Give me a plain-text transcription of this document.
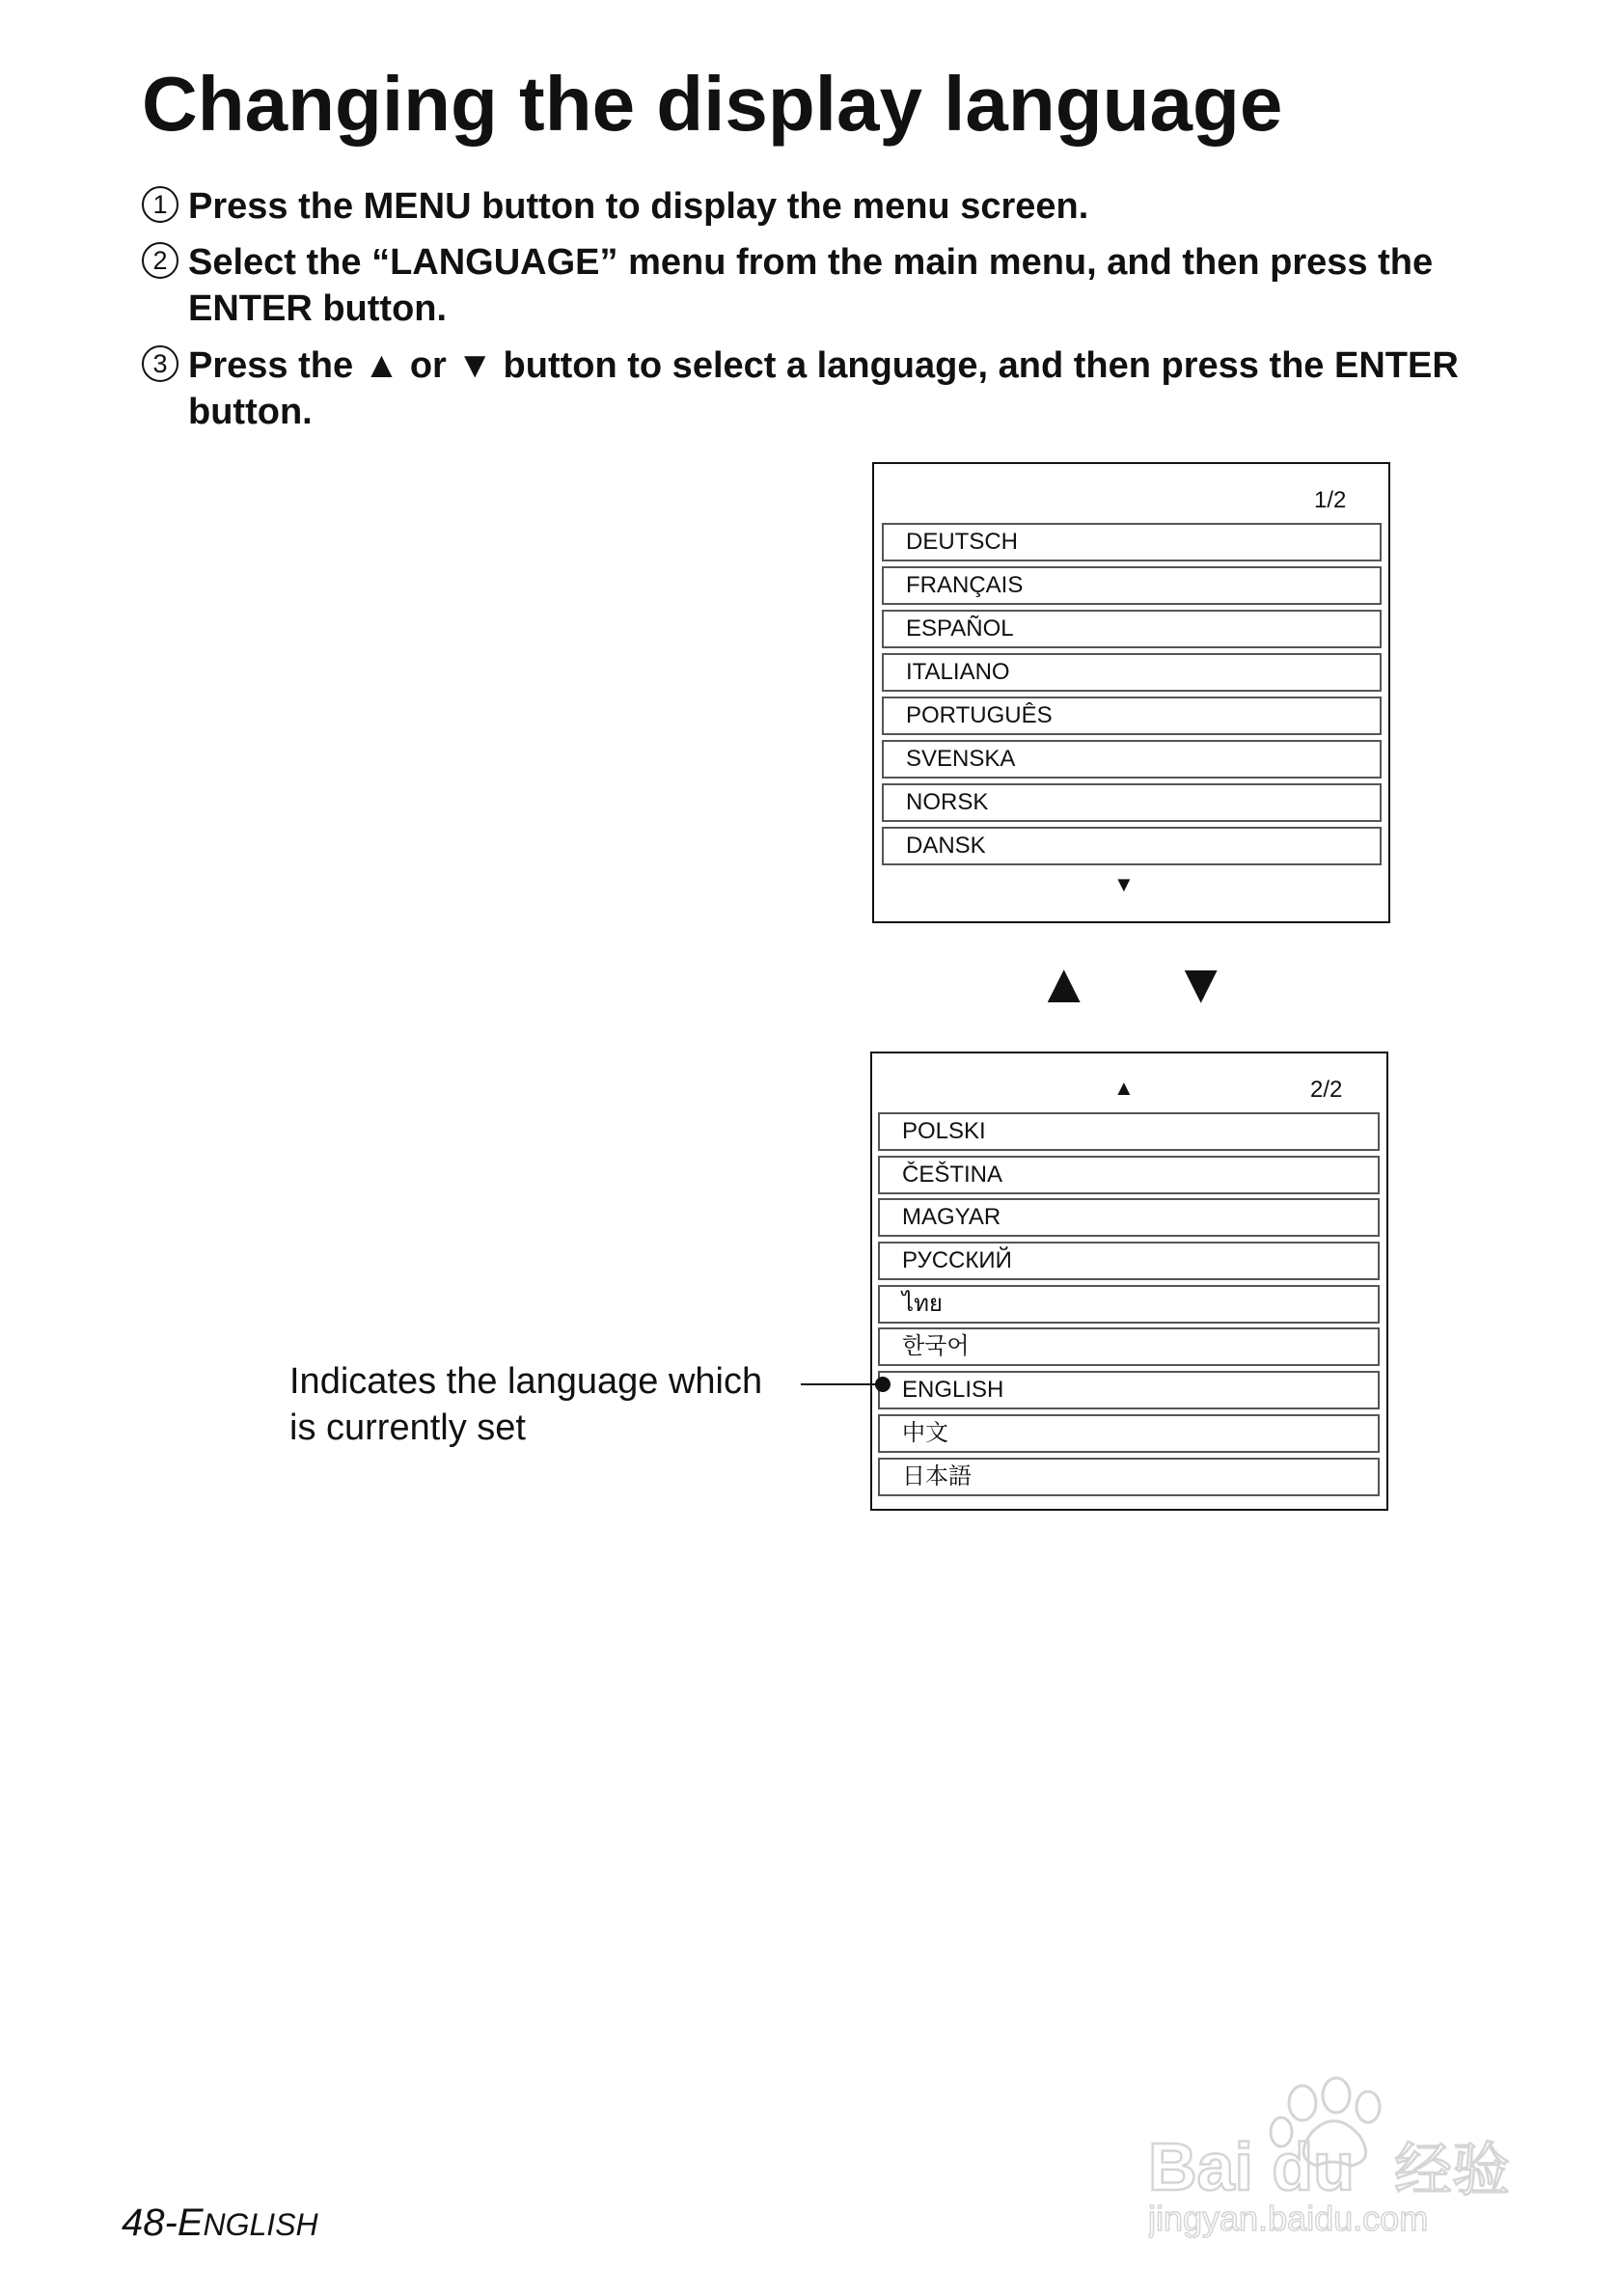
Changing the display language
1 Press the MENU button to display the menu screen.
2 Select the “LANGUAGE” menu from the main menu, and then press the ENTER button.
3 Press the ▲ or ▼ button to select a language, and then press the ENTER button.
1/2
DEUTSCH
FRANÇAIS
ESPAÑOL
ITALIANO
PORTUGUÊS
SVENSKA
NORSK
DANSK
▼
▲ ▼
▲	2/2
POLSKI
ČEŠTINA
MAGYAR
РУССКИЙ
ไทย
한국어
ENGLISH
中文
日本語
Indicates the language which
is currently set
48-ENGLISH
Bai du 经验
jingyan.baidu.com
